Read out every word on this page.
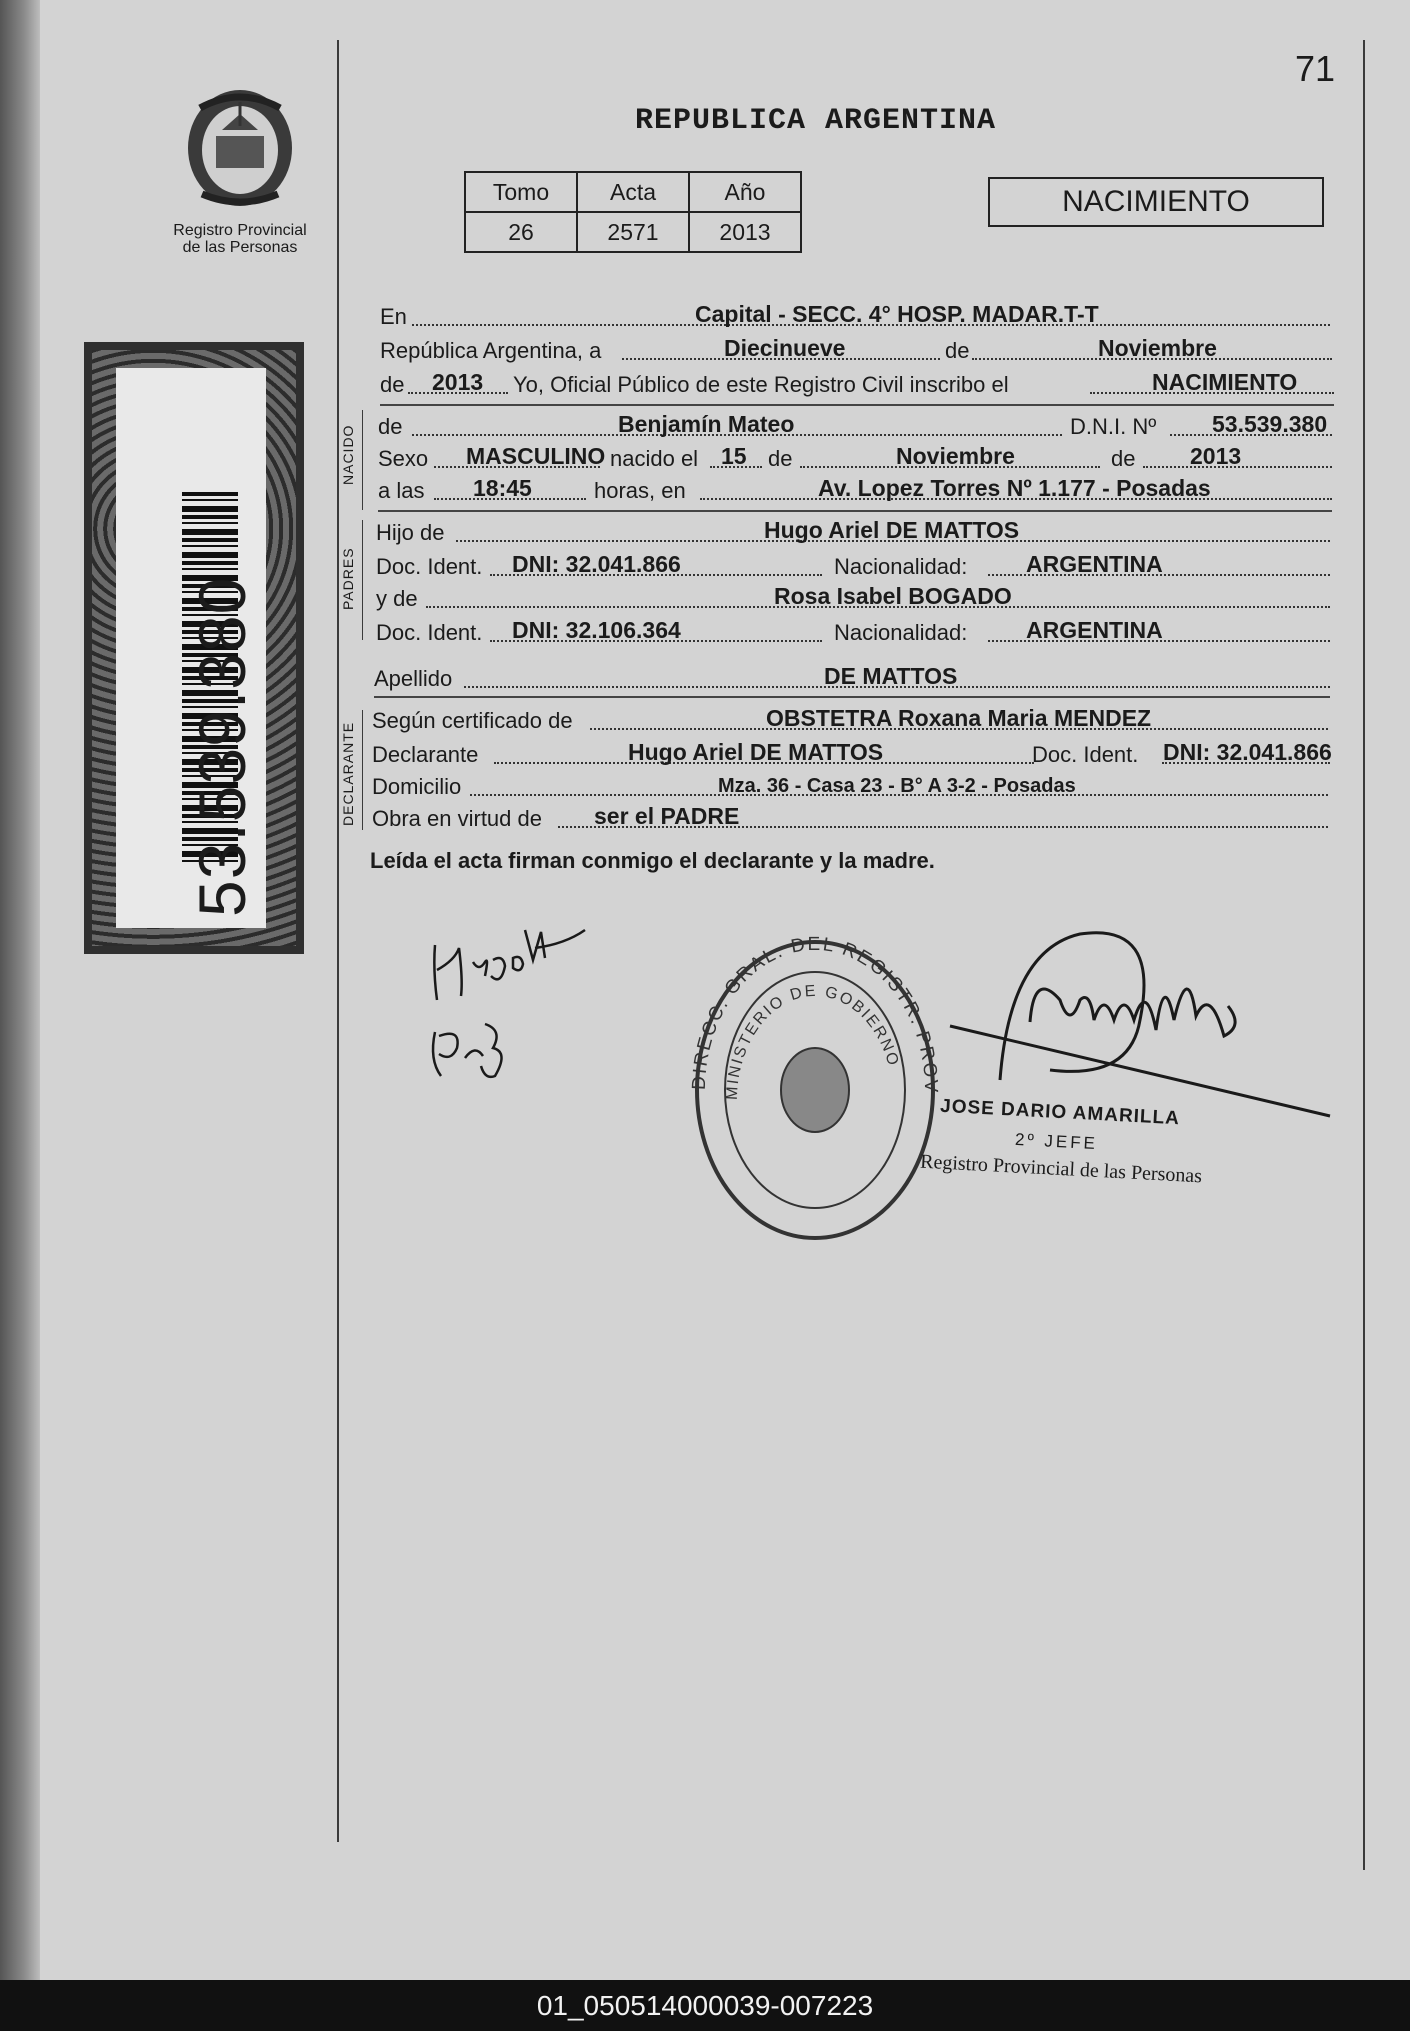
71
Registro Provincial
de las Personas
53.539.380
REPUBLICA ARGENTINA
Tomo	Acta	Año
26	2571	2013
NACIMIENTO
NACIDO
PADRES
DECLARANTE
En	Capital - SECC. 4° HOSP. MADAR.T-T
República Argentina, a	Diecinueve	de	Noviembre
de 2013 Yo, Oficial Público de este Registro Civil inscribo el	NACIMIENTO
de	Benjamín Mateo	D.N.I. Nº 53.539.380
Sexo MASCULINO nacido el 15 de	Noviembre	de 2013
a las 18:45	horas, en	Av. Lopez Torres Nº 1.177 - Posadas
Hijo de	Hugo Ariel DE MATTOS
Doc. Ident. DNI: 32.041.866	Nacionalidad:	ARGENTINA
y de	Rosa Isabel BOGADO
Doc. Ident. DNI: 32.106.364	Nacionalidad:	ARGENTINA
Apellido	DE MATTOS
Según certificado de	OBSTETRA Roxana Maria MENDEZ
Declarante	Hugo Ariel DE MATTOS	Doc. Ident. DNI: 32.041.866
Domicilio	Mza. 36 - Casa 23 - B° A 3-2 - Posadas
Obra en virtud de ser el PADRE
Leída el acta firman conmigo el declarante y la madre.
DIRECC. GRAL. DEL REGISTR. PROV
MINISTERIO DE GOBIERNO
JOSE DARIO AMARILLA
2º JEFE
Registro Provincial de las Personas
01_050514000039-007223
